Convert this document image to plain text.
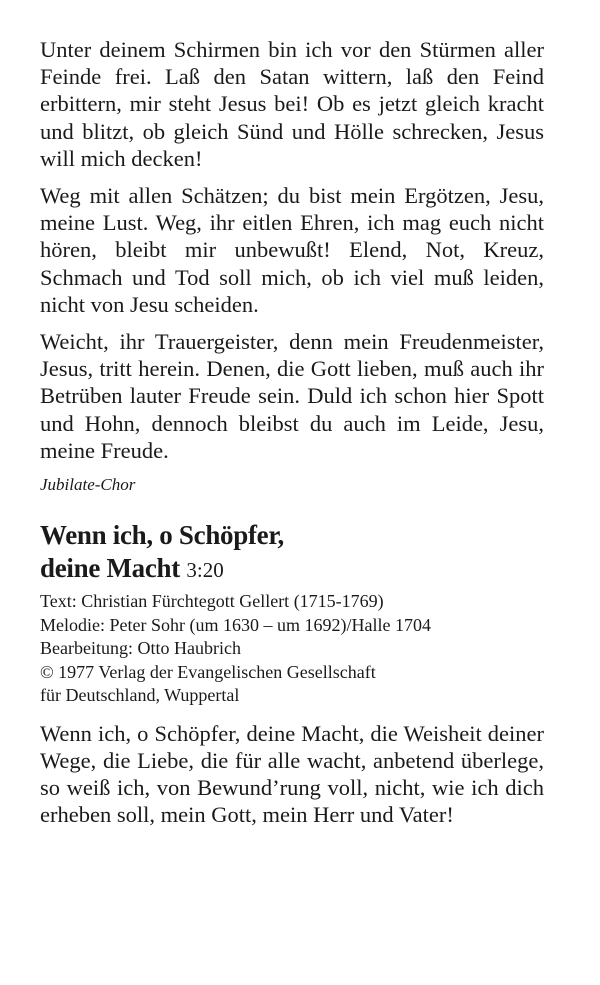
Unter deinem Schirmen bin ich vor den Stürmen aller Feinde frei. Laß den Satan wittern, laß den Feind erbittern, mir steht Jesus bei! Ob es jetzt gleich kracht und blitzt, ob gleich Sünd und Hölle schrecken, Jesus will mich decken!

Weg mit allen Schätzen; du bist mein Ergötzen, Jesu, meine Lust. Weg, ihr eitlen Ehren, ich mag euch nicht hören, bleibt mir unbewußt! Elend, Not, Kreuz, Schmach und Tod soll mich, ob ich viel muß leiden, nicht von Jesu scheiden.

Weicht, ihr Trauergeister, denn mein Freudenmeister, Jesus, tritt herein. Denen, die Gott lieben, muß auch ihr Betrüben lauter Freude sein. Duld ich schon hier Spott und Hohn, dennoch bleibst du auch im Leide, Jesu, meine Freude.

Jubilate-Chor
Wenn ich, o Schöpfer,
deine Macht 3:20
Text: Christian Fürchtegott Gellert (1715-1769)
Melodie: Peter Sohr (um 1630 – um 1692)/Halle 1704
Bearbeitung: Otto Haubrich
© 1977 Verlag der Evangelischen Gesellschaft
für Deutschland, Wuppertal

Wenn ich, o Schöpfer, deine Macht, die Weisheit deiner Wege, die Liebe, die für alle wacht, anbetend überlege, so weiß ich, von Bewund’rung voll, nicht, wie ich dich erheben soll, mein Gott, mein Herr und Vater!
